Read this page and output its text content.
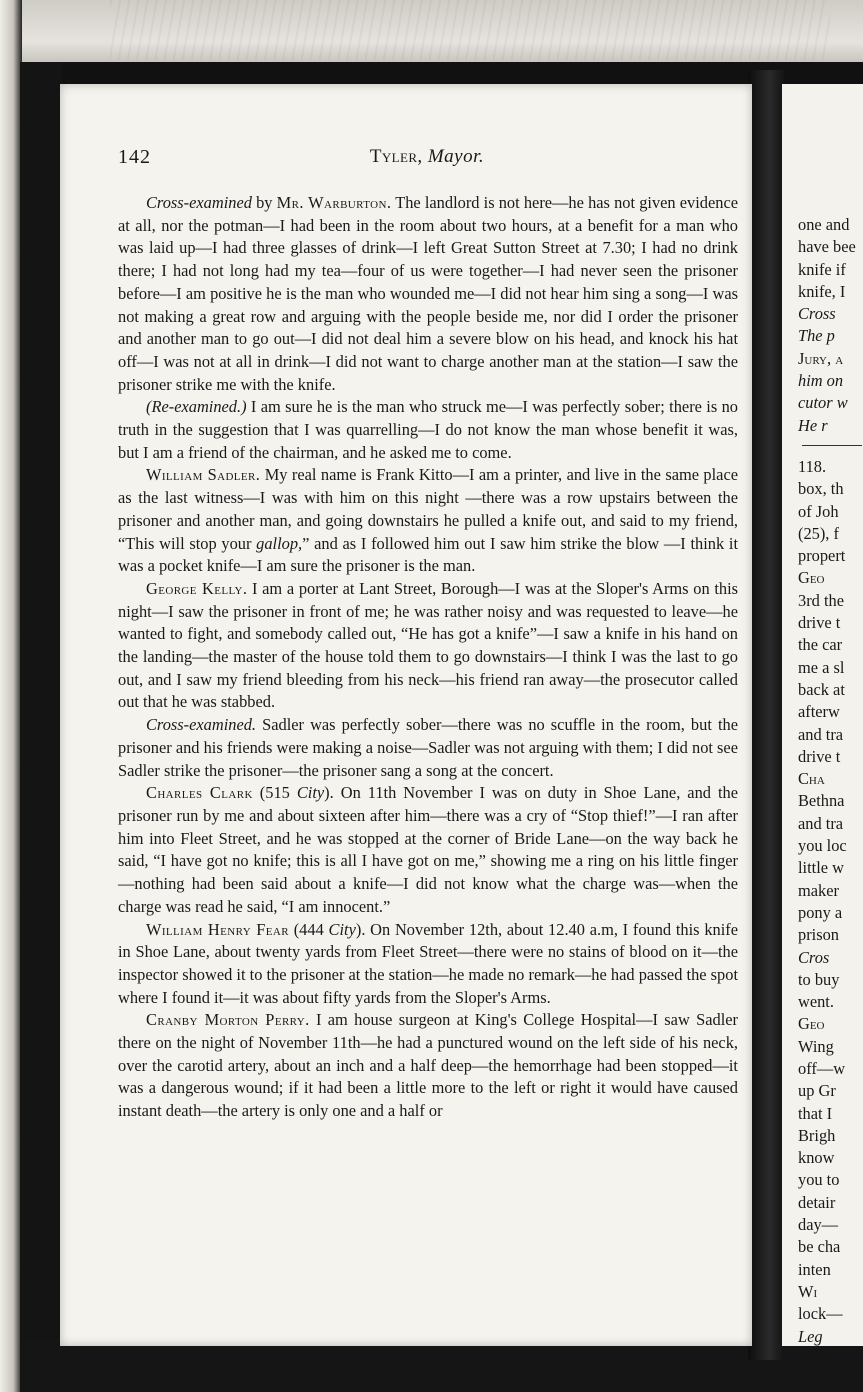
142	Tyler, Mayor.

Cross-examined by Mr. Warburton. The landlord is not here—he has not given evidence at all, nor the potman—I had been in the room about two hours, at a benefit for a man who was laid up—I had three glasses of drink—I left Great Sutton Street at 7.30; I had no drink there; I had not long had my tea—four of us were together—I had never seen the prisoner before—I am positive he is the man who wounded me—I did not hear him sing a song—I was not making a great row and arguing with the people beside me, nor did I order the prisoner and another man to go out—I did not deal him a severe blow on his head, and knock his hat off—I was not at all in drink—I did not want to charge another man at the station—I saw the prisoner strike me with the knife.

(Re-examined.) I am sure he is the man who struck me—I was perfectly sober; there is no truth in the suggestion that I was quarrelling—I do not know the man whose benefit it was, but I am a friend of the chairman, and he asked me to come.

William Sadler. My real name is Frank Kitto—I am a printer, and live in the same place as the last witness—I was with him on this night —there was a row upstairs between the prisoner and another man, and going downstairs he pulled a knife out, and said to my friend, “This will stop your gallop,” and as I followed him out I saw him strike the blow —I think it was a pocket knife—I am sure the prisoner is the man.

George Kelly. I am a porter at Lant Street, Borough—I was at the Sloper's Arms on this night—I saw the prisoner in front of me; he was rather noisy and was requested to leave—he wanted to fight, and somebody called out, “He has got a knife”—I saw a knife in his hand on the landing—the master of the house told them to go downstairs—I think I was the last to go out, and I saw my friend bleeding from his neck—his friend ran away—the prosecutor called out that he was stabbed.

Cross-examined. Sadler was perfectly sober—there was no scuffle in the room, but the prisoner and his friends were making a noise—Sadler was not arguing with them; I did not see Sadler strike the prisoner—the prisoner sang a song at the concert.

Charles Clark (515 City). On 11th November I was on duty in Shoe Lane, and the prisoner run by me and about sixteen after him—there was a cry of “Stop thief!”—I ran after him into Fleet Street, and he was stopped at the corner of Bride Lane—on the way back he said, “I have got no knife; this is all I have got on me,” showing me a ring on his little finger—nothing had been said about a knife—I did not know what the charge was—when the charge was read he said, “I am innocent.”

William Henry Fear (444 City). On November 12th, about 12.40 a.m, I found this knife in Shoe Lane, about twenty yards from Fleet Street—there were no stains of blood on it—the inspector showed it to the prisoner at the station—he made no remark—he had passed the spot where I found it—it was about fifty yards from the Sloper's Arms.

Cranby Morton Perry. I am house surgeon at King's College Hospital—I saw Sadler there on the night of November 11th—he had a punctured wound on the left side of his neck, over the carotid artery, about an inch and a half deep—the hemorrhage had been stopped—it was a dangerous wound; if it had been a little more to the left or right it would have caused instant death—the artery is only one and a half or

one and
have bee
knife if
knife, I
Cross
The p
Jury, a
him on
cutor w
He r
118.
box, th
of Joh
(25), f
propert
Geo
3rd the
drive t
the car
me a sl
back at
afterw
and tra
drive t
Cha
Bethna
and tra
you loc
little w
maker
pony a
prison
Cros
to buy
went.
Geo
Wing
off—w
up Gr
that I
Brigh
know
you to
detair
day—
be cha
inten
Wi
lock—
Leg
